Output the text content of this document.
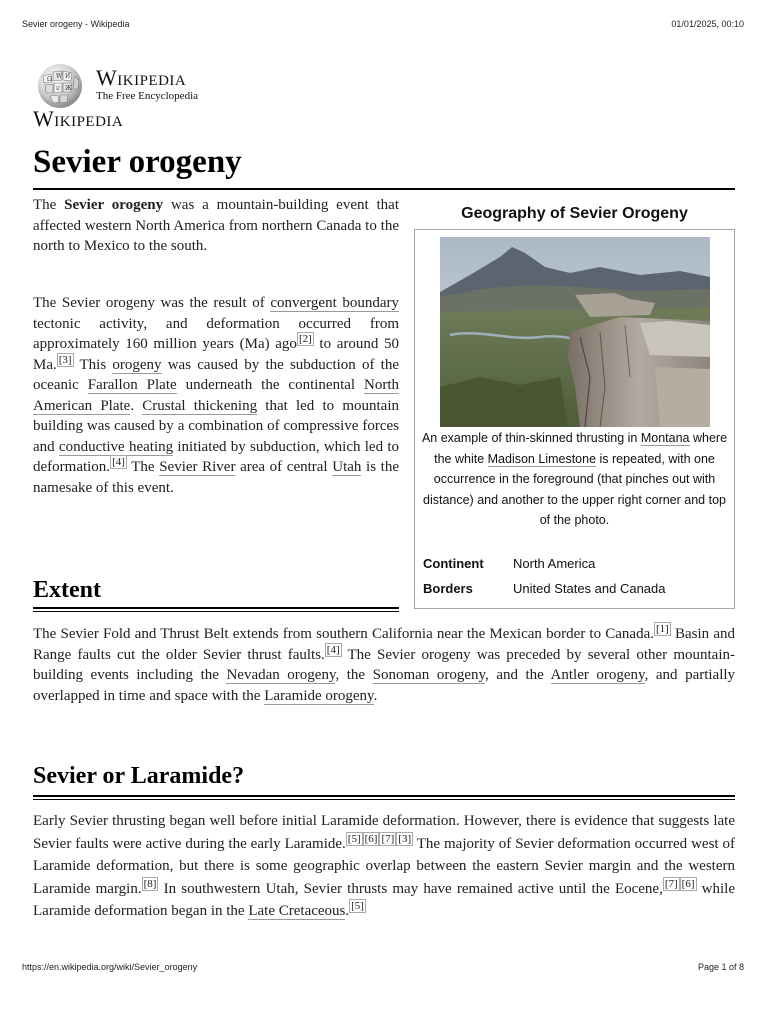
Sevier orogeny - Wikipedia	01/01/2025, 00:10
Ω W И
ש Ж Wikipedia
The Free Encyclopedia
Wikipedia
Sevier orogeny

The Sevier orogeny was a mountain-building event that affected western North America from northern Canada to the north to Mexico to the south.

The Sevier orogeny was the result of convergent boundary tectonic activity, and deformation occurred from approximately 160 million years (Ma) ago [2] to around 50 Ma. [3] This orogeny was caused by the subduction of the oceanic Farallon Plate underneath the continental North American Plate. Crustal thickening that led to mountain building was caused by a combination of compressive forces and conductive heating initiated by subduction, which led to deformation. [4] The Sevier River area of central Utah is the namesake of this event.

Geography of Sevier Orogeny
An example of thin-skinned thrusting in Montana where the white Madison Limestone is repeated, with one occurrence in the foreground (that pinches out with distance) and another to the upper right corner and top of the photo.
Continent North America
Borders	United States and Canada
Extent

The Sevier Fold and Thrust Belt extends from southern California near the Mexican border to Canada. [1] Basin and Range faults cut the older Sevier thrust faults. [4] The Sevier orogeny was preceded by several other mountain-building events including the Nevadan orogeny, the Sonoman orogeny, and the Antler orogeny, and partially overlapped in time and space with the Laramide orogeny.

Sevier or Laramide?

Early Sevier thrusting began well before initial Laramide deformation. However, there is evidence that suggests late Sevier faults were active during the early Laramide. [5] [6] [7] [3] The majority of Sevier deformation occurred west of Laramide deformation, but there is some geographic overlap between the eastern Sevier margin and the western Laramide margin. [8] In southwestern Utah, Sevier thrusts may have remained active until the Eocene, [7] [6] while Laramide deformation began in the Late Cretaceous. [5]

https://en.wikipedia.org/wiki/Sevier_orogeny	Page 1 of 8
